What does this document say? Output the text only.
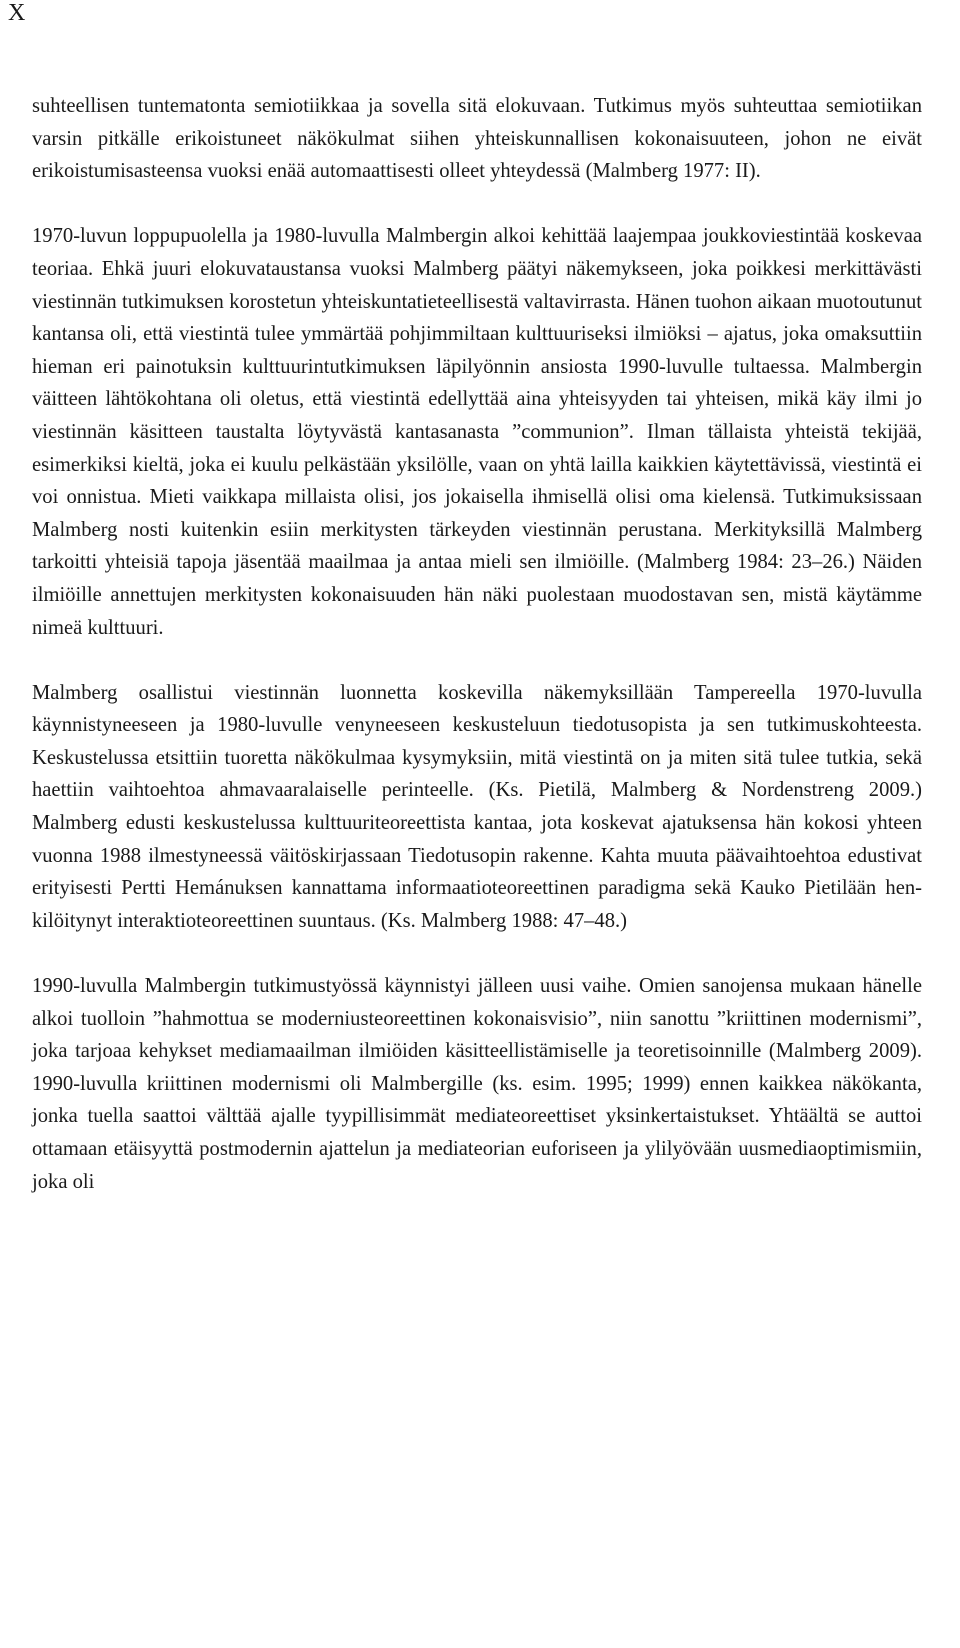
X

suhteellisen tuntematonta semiotiikkaa ja sovella sitä elokuvaan. Tutkimus myös suhteuttaa semiotiikan varsin pitkälle erikoistuneet näkökulmat siihen yhteiskunnallisen kokonaisuuteen, johon ne eivät erikoistumisasteensa vuoksi enää automaattisesti olleet yhteydessä (Malmberg 1977: II).

1970-luvun loppupuolella ja 1980-luvulla Malmbergin alkoi kehittää laajempaa joukkoviestintää koskevaa teoriaa. Ehkä juuri elokuvataustansa vuoksi Malmberg päätyi näkemykseen, joka poikkesi merkittävästi viestinnän tutkimuksen korostetun yhteiskuntatieteellisestä valtavirrasta. Hänen tuohon aikaan muotoutunut kantansa oli, että viestintä tulee ymmärtää pohjimmiltaan kulttuuriseksi ilmiöksi – ajatus, joka omaksuttiin hieman eri painotuksin kulttuurintutkimuksen läpilyönnin ansiosta 1990-luvulle tultaessa. Malmbergin väitteen lähtökohtana oli oletus, että viestintä edellyttää aina yhteisyyden tai yhteisen, mikä käy ilmi jo viestinnän käsitteen taustalta löytyvästä kantasanasta ”communion”. Ilman tällaista yhteistä tekijää, esimerkiksi kieltä, joka ei kuulu pelkästään yksilölle, vaan on yhtä lailla kaikkien käytettävissä, viestintä ei voi onnistua. Mieti vaikkapa millaista olisi, jos jokaisella ihmisellä olisi oma kielensä. Tutkimuksissaan Malmberg nosti kuitenkin esiin merkitysten tärkeyden viestinnän perustana. Merkityksillä Malmberg tarkoitti yhteisiä tapoja jäsentää maailmaa ja antaa mieli sen ilmiöille. (Malmberg 1984: 23–26.) Näiden ilmiöille annettujen merkitysten kokonaisuuden hän näki puolestaan muodostavan sen, mistä käytämme nimeä kulttuuri.

Malmberg osallistui viestinnän luonnetta koskevilla näkemyksillään Tampereella 1970-luvulla käynnistyneeseen ja 1980-luvulle venyneeseen keskusteluun tiedotusopista ja sen tutkimuskohteesta. Keskustelussa etsittiin tuoretta näkökulmaa kysymyksiin, mitä viestintä on ja miten sitä tulee tutkia, sekä haettiin vaihtoehtoa ahmavaaralaiselle perinteelle. (Ks. Pietilä, Malmberg & Nordenstreng 2009.) Malmberg edusti keskustelussa kulttuuriteoreettista kantaa, jota koskevat ajatuksensa hän kokosi yhteen vuonna 1988 ilmestyneessä väitöskirjassaan Tiedotusopin rakenne. Kahta muuta päävaihtoehtoa edustivat erityisesti Pertti Hemánuksen kannattama informaatioteoreettinen paradigma sekä Kauko Pietilään henkilöitynyt interaktioteoreettinen suuntaus. (Ks. Malmberg 1988: 47–48.)

1990-luvulla Malmbergin tutkimustyössä käynnistyi jälleen uusi vaihe. Omien sanojensa mukaan hänelle alkoi tuolloin ”hahmottua se moderniusteoreettinen kokonaisvisio”, niin sanottu ”kriittinen modernismi”, joka tarjoaa kehykset mediamaailman ilmiöiden käsitteellistämiselle ja teoretisoinnille (Malmberg 2009). 1990-luvulla kriittinen modernismi oli Malmbergille (ks. esim. 1995; 1999) ennen kaikkea näkökanta, jonka tuella saattoi välttää ajalle tyypillisimmät mediateoreettiset yksinkertaistukset. Yhtäältä se auttoi ottamaan etäisyyttä postmodernin ajattelun ja mediateorian euforiseen ja ylilyövään uusmediaoptimismiin, joka oli
